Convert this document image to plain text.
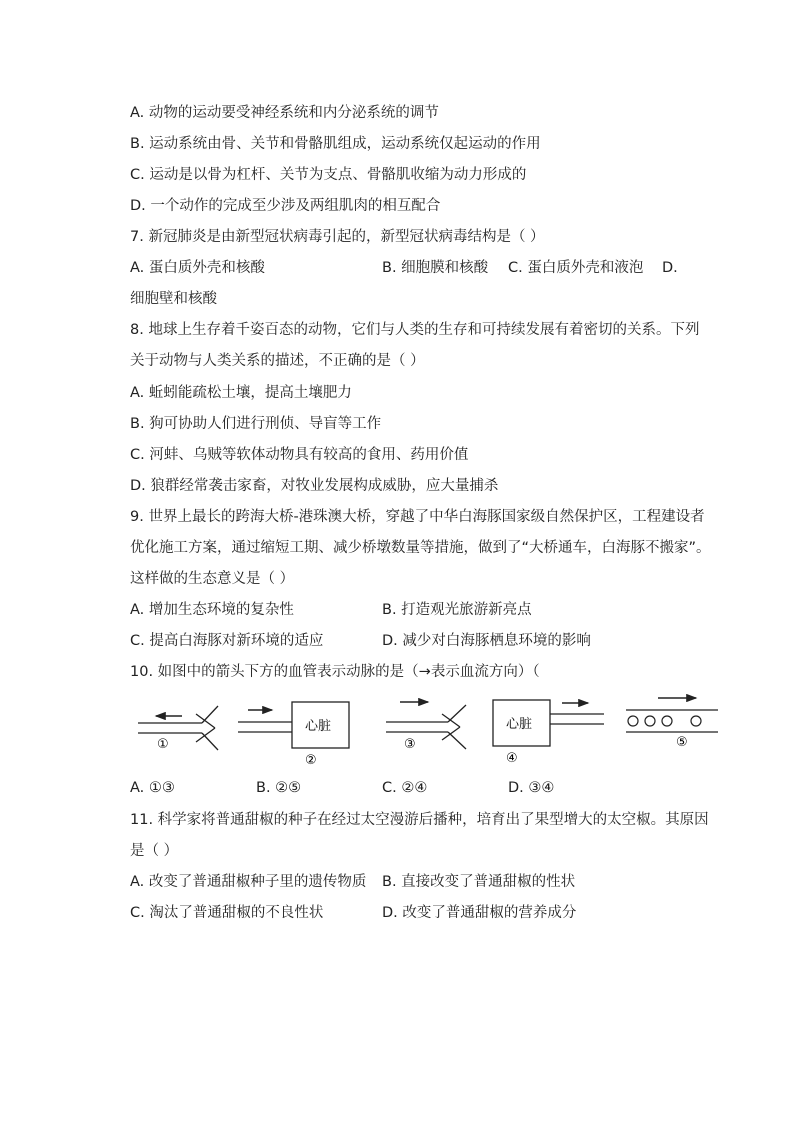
A. 动物的运动要受神经系统和内分泌系统的调节
B. 运动系统由骨、关节和骨骼肌组成，运动系统仅起运动的作用
C. 运动是以骨为杠杆、关节为支点、骨骼肌收缩为动力形成的
D. 一个动作的完成至少涉及两组肌肉的相互配合
7. 新冠肺炎是由新型冠状病毒引起的，新型冠状病毒结构是（ ）
A. 蛋白质外壳和核酸	B. 细胞膜和核酸 C. 蛋白质外壳和液泡 D.
细胞壁和核酸
8. 地球上生存着千姿百态的动物，它们与人类的生存和可持续发展有着密切的关系。下列
关于动物与人类关系的描述，不正确的是（ ）
A. 蚯蚓能疏松土壤，提高土壤肥力
B. 狗可协助人们进行刑侦、导盲等工作
C. 河蚌、乌贼等软体动物具有较高的食用、药用价值
D. 狼群经常袭击家畜，对牧业发展构成威胁，应大量捕杀
9. 世界上最长的跨海大桥-港珠澳大桥，穿越了中华白海豚国家级自然保护区，工程建设者
优化施工方案，通过缩短工期、减少桥墩数量等措施，做到了“大桥通车，白海豚不搬家”。
这样做的生态意义是（ ）
A. 增加生态环境的复杂性	B. 打造观光旅游新亮点
C. 提高白海豚对新环境的适应	D. 减少对白海豚栖息环境的影响
10. 如图中的箭头下方的血管表示动脉的是（→表示血流方向）（
①
心脏
②
③
心脏
④
⑤
A. ①③	B. ②⑤	C. ②④	D. ③④
11. 科学家将普通甜椒的种子在经过太空漫游后播种，培育出了果型增大的太空椒。其原因
是（ ）
A. 改变了普通甜椒种子里的遗传物质 B. 直接改变了普通甜椒的性状
C. 淘汰了普通甜椒的不良性状	D. 改变了普通甜椒的营养成分
